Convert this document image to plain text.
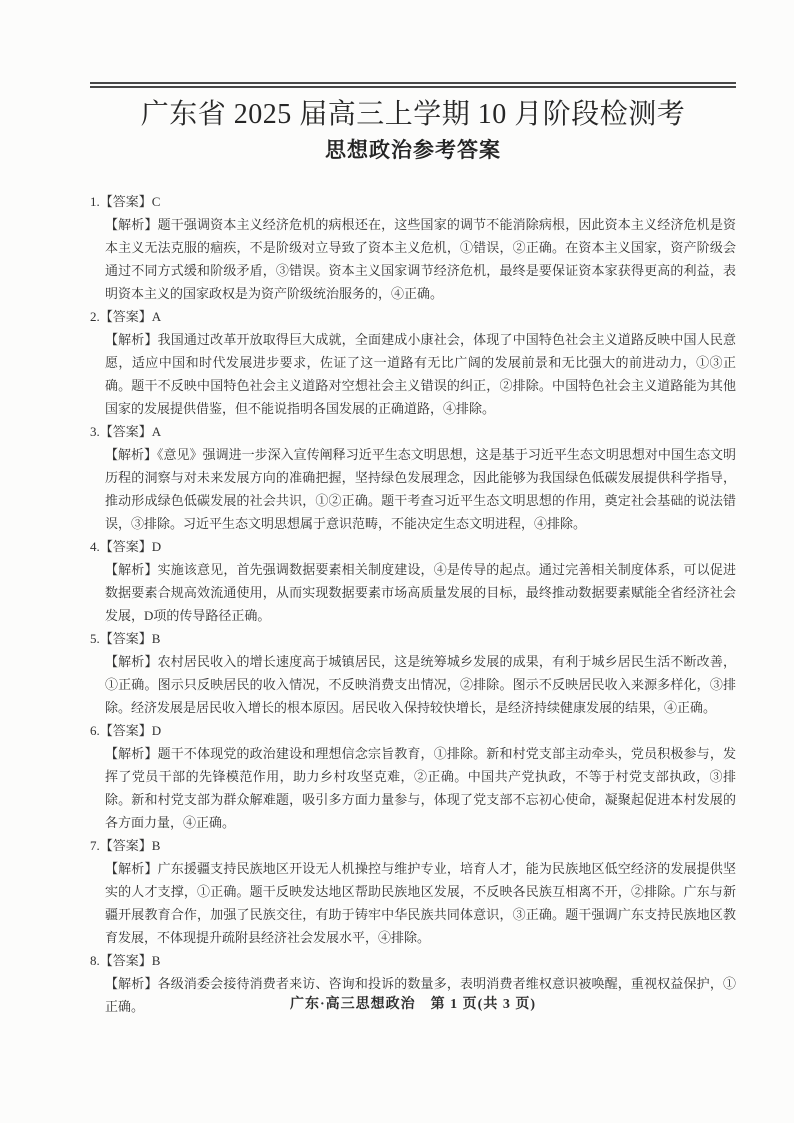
广东省 2025 届高三上学期 10 月阶段检测考
思想政治参考答案
1.【答案】C

【解析】题干强调资本主义经济危机的病根还在，这些国家的调节不能消除病根，因此资本主义经济危机是资本主义无法克服的痼疾，不是阶级对立导致了资本主义危机，①错误，②正确。在资本主义国家，资产阶级会通过不同方式缓和阶级矛盾，③错误。资本主义国家调节经济危机，最终是要保证资本家获得更高的利益，表明资本主义的国家政权是为资产阶级统治服务的，④正确。

2.【答案】A

【解析】我国通过改革开放取得巨大成就，全面建成小康社会，体现了中国特色社会主义道路反映中国人民意愿，适应中国和时代发展进步要求，佐证了这一道路有无比广阔的发展前景和无比强大的前进动力，①③正确。题干不反映中国特色社会主义道路对空想社会主义错误的纠正，②排除。中国特色社会主义道路能为其他国家的发展提供借鉴，但不能说指明各国发展的正确道路，④排除。

3.【答案】A

【解析】《意见》强调进一步深入宣传阐释习近平生态文明思想，这是基于习近平生态文明思想对中国生态文明历程的洞察与对未来发展方向的准确把握，坚持绿色发展理念，因此能够为我国绿色低碳发展提供科学指导，推动形成绿色低碳发展的社会共识，①②正确。题干考查习近平生态文明思想的作用，奠定社会基础的说法错误，③排除。习近平生态文明思想属于意识范畴，不能决定生态文明进程，④排除。

4.【答案】D

【解析】实施该意见，首先强调数据要素相关制度建设，④是传导的起点。通过完善相关制度体系，可以促进数据要素合规高效流通使用，从而实现数据要素市场高质量发展的目标，最终推动数据要素赋能全省经济社会发展，D项的传导路径正确。

5.【答案】B

【解析】农村居民收入的增长速度高于城镇居民，这是统筹城乡发展的成果，有利于城乡居民生活不断改善，①正确。图示只反映居民的收入情况，不反映消费支出情况，②排除。图示不反映居民收入来源多样化，③排除。经济发展是居民收入增长的根本原因。居民收入保持较快增长，是经济持续健康发展的结果，④正确。

6.【答案】D

【解析】题干不体现党的政治建设和理想信念宗旨教育，①排除。新和村党支部主动牵头，党员积极参与，发挥了党员干部的先锋模范作用，助力乡村攻坚克难，②正确。中国共产党执政，不等于村党支部执政，③排除。新和村党支部为群众解难题，吸引多方面力量参与，体现了党支部不忘初心使命，凝聚起促进本村发展的各方面力量，④正确。

7.【答案】B

【解析】广东援疆支持民族地区开设无人机操控与维护专业，培育人才，能为民族地区低空经济的发展提供坚实的人才支撑，①正确。题干反映发达地区帮助民族地区发展，不反映各民族互相离不开，②排除。广东与新疆开展教育合作，加强了民族交往，有助于铸牢中华民族共同体意识，③正确。题干强调广东支持民族地区教育发展，不体现提升疏附县经济社会发展水平，④排除。

8.【答案】B

【解析】各级消委会接待消费者来访、咨询和投诉的数量多，表明消费者维权意识被唤醒，重视权益保护，①正确。	广东·高三思想政治　第 1 页(共 3 页)
